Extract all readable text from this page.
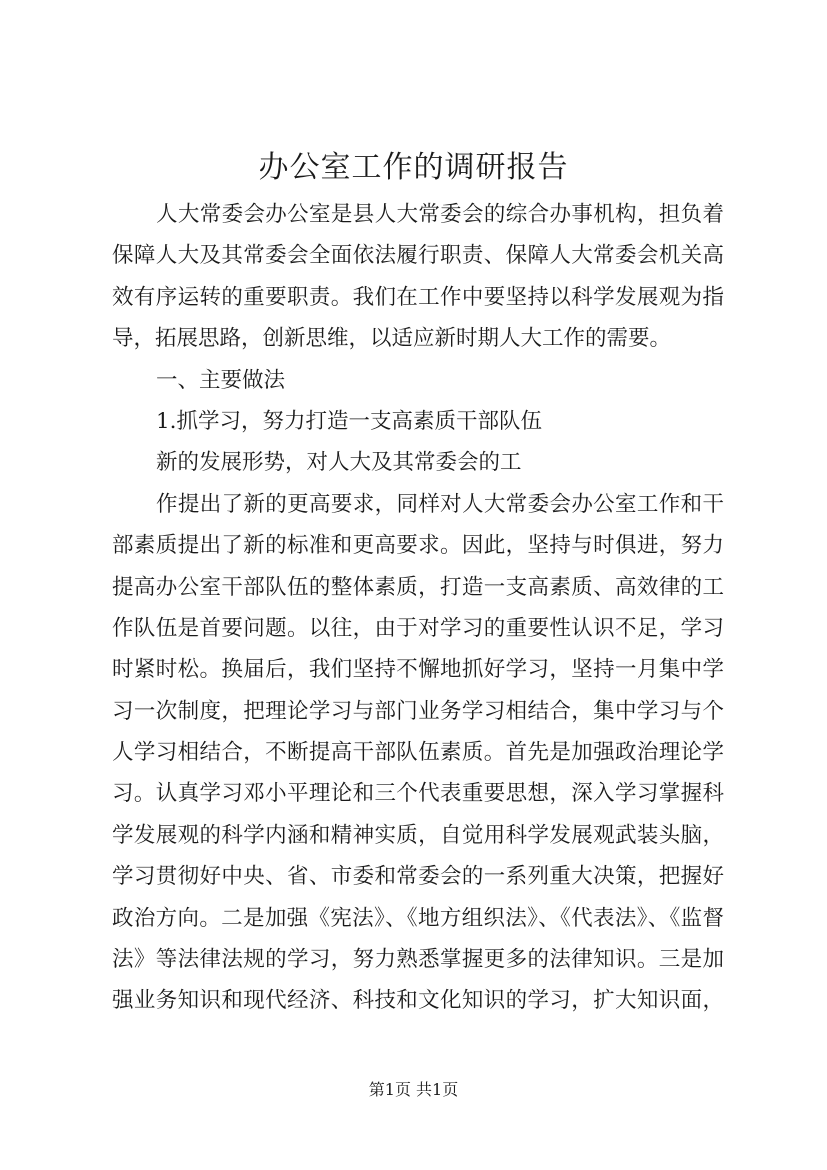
办公室工作的调研报告
人大常委会办公室是县人大常委会的综合办事机构，担负着
保障人大及其常委会全面依法履行职责、保障人大常委会机关高
效有序运转的重要职责。我们在工作中要坚持以科学发展观为指
导，拓展思路，创新思维，以适应新时期人大工作的需要。
一、主要做法
1.抓学习，努力打造一支高素质干部队伍
新的发展形势，对人大及其常委会的工
作提出了新的更高要求，同样对人大常委会办公室工作和干
部素质提出了新的标准和更高要求。因此，坚持与时俱进，努力
提高办公室干部队伍的整体素质，打造一支高素质、高效律的工
作队伍是首要问题。以往，由于对学习的重要性认识不足，学习
时紧时松。换届后，我们坚持不懈地抓好学习，坚持一月集中学
习一次制度，把理论学习与部门业务学习相结合，集中学习与个
人学习相结合，不断提高干部队伍素质。首先是加强政治理论学
习。认真学习邓小平理论和三个代表重要思想，深入学习掌握科
学发展观的科学内涵和精神实质，自觉用科学发展观武装头脑，
学习贯彻好中央、省、市委和常委会的一系列重大决策，把握好
政治方向。二是加强《宪法》、《地方组织法》、《代表法》、《监督
法》等法律法规的学习，努力熟悉掌握更多的法律知识。三是加
强业务知识和现代经济、科技和文化知识的学习，扩大知识面，
第1页 共1页
